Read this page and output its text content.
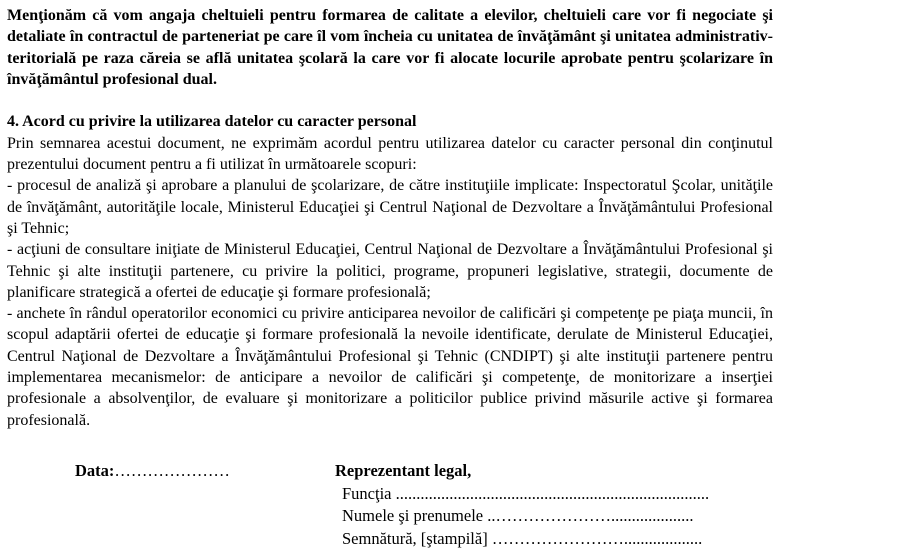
Menţionăm că vom angaja cheltuieli pentru formarea de calitate a elevilor, cheltuieli care vor fi negociate şi detaliate în contractul de parteneriat pe care îl vom încheia cu unitatea de învăţământ şi unitatea administrativ-teritorială pe raza căreia se află unitatea şcolară la care vor fi alocate locurile aprobate pentru şcolarizare în învăţământul profesional dual.

4. Acord cu privire la utilizarea datelor cu caracter personal

Prin semnarea acestui document, ne exprimăm acordul pentru utilizarea datelor cu caracter personal din conţinutul prezentului document pentru a fi utilizat în următoarele scopuri:

- procesul de analiză şi aprobare a planului de şcolarizare, de către instituţiile implicate: Inspectoratul Şcolar, unităţile de învăţământ, autorităţile locale, Ministerul Educaţiei şi Centrul Naţional de Dezvoltare a Învăţământului Profesional şi Tehnic;

- acţiuni de consultare iniţiate de Ministerul Educaţiei, Centrul Naţional de Dezvoltare a Învăţământului Profesional şi Tehnic şi alte instituţii partenere, cu privire la politici, programe, propuneri legislative, strategii, documente de planificare strategică a ofertei de educaţie şi formare profesională;

- anchete în rândul operatorilor economici cu privire anticiparea nevoilor de calificări şi competenţe pe piaţa muncii, în scopul adaptării ofertei de educaţie şi formare profesională la nevoile identificate, derulate de Ministerul Educaţiei, Centrul Naţional de Dezvoltare a Învăţământului Profesional şi Tehnic (CNDIPT) şi alte instituţii partenere pentru implementarea mecanismelor: de anticipare a nevoilor de calificări şi competenţe, de monitorizare a inserţiei profesionale a absolvenţilor, de evaluare şi monitorizare a politicilor publice privind măsurile active şi formarea profesională.

Data:…………………	Reprezentant legal,
Funcţia ............................................................................
Numele şi prenumele ..…………………....................
Semnătură, [ştampilă] ……………………...................
